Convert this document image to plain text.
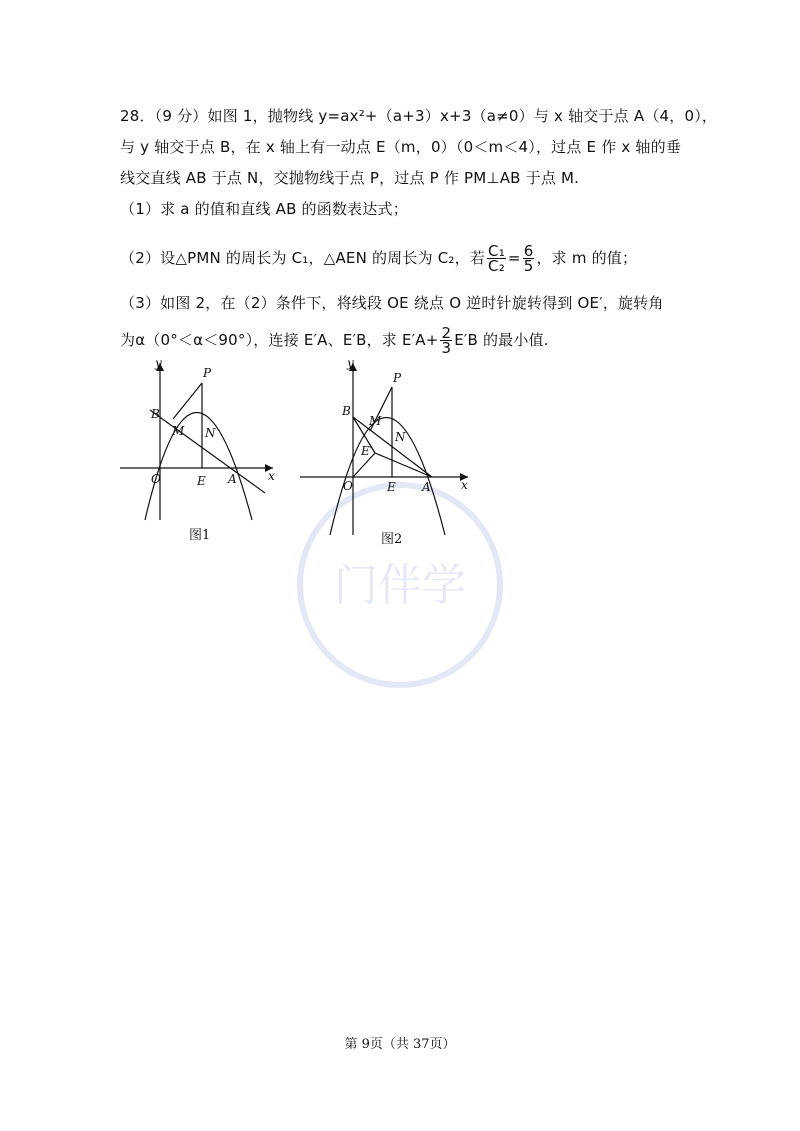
门伴学
28．（9 分）如图 1，抛物线 y=ax²+（a+3）x+3（a≠0）与 x 轴交于点 A（4，0），
与 y 轴交于点 B，在 x 轴上有一动点 E（m，0）（0＜m＜4），过点 E 作 x 轴的垂
线交直线 AB 于点 N，交抛物线于点 P，过点 P 作 PM⊥AB 于点 M.
（1）求 a 的值和直线 AB 的函数表达式；
（2）设△PMN 的周长为 C₁，△AEN 的周长为 C₂，若 $\frac{\text{C₁}}{\text{C₂}} = \frac{6}{5}$ ，求 m 的值；
（3）如图 2，在（2）条件下，将线段 OE 绕点 O 逆时针旋转得到 OE′，旋转角
为α（0°＜α＜90°），连接 E′A、E′B，求 $E'A+ \frac{2}{3} E'B$ 的最小值.
y
x
P
B
M N
O	E A
图1
y
x
P
B
M
N
E′
O	E A
图2
第 9页（共 37页）
